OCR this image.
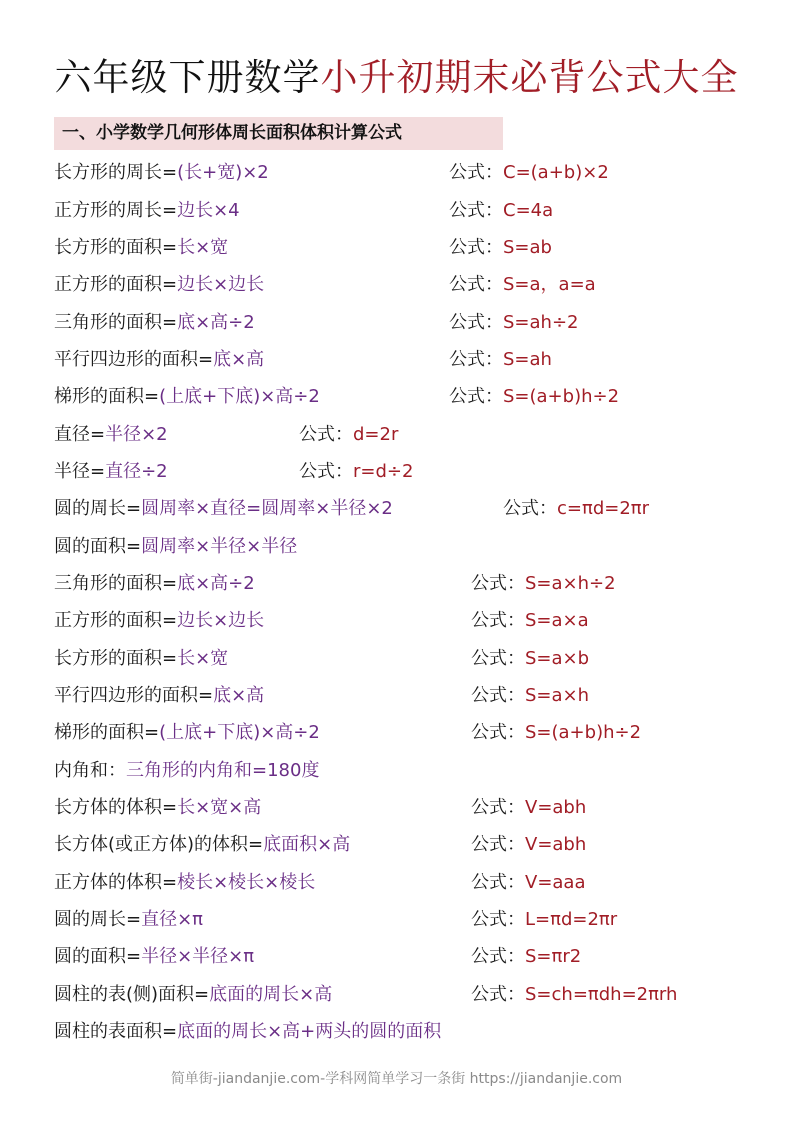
六年级下册数学小升初期末必背公式大全
一、小学数学几何形体周长面积体积计算公式
长方形的周长=(长+宽)×2	公式：C=(a+b)×2
正方形的周长=边长×4	公式：C=4a
长方形的面积=长×宽	公式：S=ab
正方形的面积=边长×边长	公式：S=a，a=a
三角形的面积=底×高÷2	公式：S=ah÷2
平行四边形的面积=底×高	公式：S=ah
梯形的面积=(上底+下底)×高÷2	公式：S=(a+b)h÷2
直径=半径×2	公式：d=2r
半径=直径÷2	公式：r=d÷2
圆的周长=圆周率×直径=圆周率×半径×2	公式：c=πd=2πr
圆的面积=圆周率×半径×半径
三角形的面积=底×高÷2	公式：S=a×h÷2
正方形的面积=边长×边长	公式：S=a×a
长方形的面积=长×宽	公式：S=a×b
平行四边形的面积=底×高	公式：S=a×h
梯形的面积=(上底+下底)×高÷2	公式：S=(a+b)h÷2
内角和：三角形的内角和=180度
长方体的体积=长×宽×高	公式：V=abh
长方体(或正方体)的体积=底面积×高	公式：V=abh
正方体的体积=棱长×棱长×棱长	公式：V=aaa
圆的周长=直径×π	公式：L=πd=2πr
圆的面积=半径×半径×π	公式：S=πr2
圆柱的表(侧)面积=底面的周长×高	公式：S=ch=πdh=2πrh
圆柱的表面积=底面的周长×高+两头的圆的面积
简单街-jiandanjie.com-学科网简单学习一条街 https://jiandanjie.com
